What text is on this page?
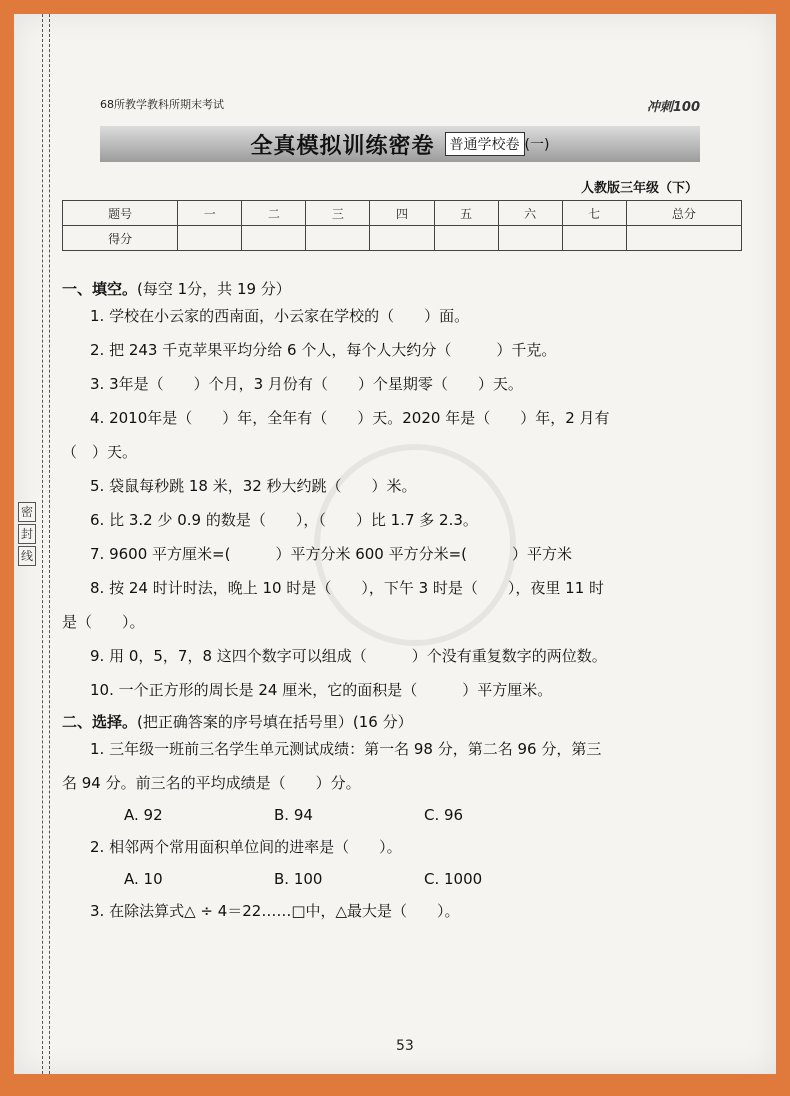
密
封
线
68所教学教科所期末考试	冲刺100
全真模拟训练密卷	普通学校卷 (一)
人教版三年级（下）
题号	一	二	三	四	五	六	七	总分
得分								

一、填空。(每空 1分，共 19 分）

1. 学校在小云家的西南面，小云家在学校的（　　）面。

2. 把 243 千克苹果平均分给 6 个人，每个人大约分（　　　）千克。

3. 3年是（　　）个月，3 月份有（　　）个星期零（　　）天。

4. 2010年是（　　）年，全年有（　　）天。2020 年是（　　）年，2 月有

（　）天。

5. 袋鼠每秒跳 18 米，32 秒大约跳（　　）米。

6. 比 3.2 少 0.9 的数是（　　），（　　）比 1.7 多 2.3。

7. 9600 平方厘米=(　　　）平方分米 600 平方分米=(　　　）平方米

8. 按 24 时计时法，晚上 10 时是（　　），下午 3 时是（　　），夜里 11 时

是（　　）。

9. 用 0，5，7，8 这四个数字可以组成（　　　）个没有重复数字的两位数。

10. 一个正方形的周长是 24 厘米，它的面积是（　　　）平方厘米。

二、选择。(把正确答案的序号填在括号里）(16 分）

1. 三年级一班前三名学生单元测试成绩：第一名 98 分，第二名 96 分，第三

名 94 分。前三名的平均成绩是（　　）分。

A. 92	B. 94	C. 96

2. 相邻两个常用面积单位间的进率是（　　）。

A. 10	B. 100	C. 1000

3. 在除法算式△ ÷ 4＝22……□中，△最大是（　　）。

53
